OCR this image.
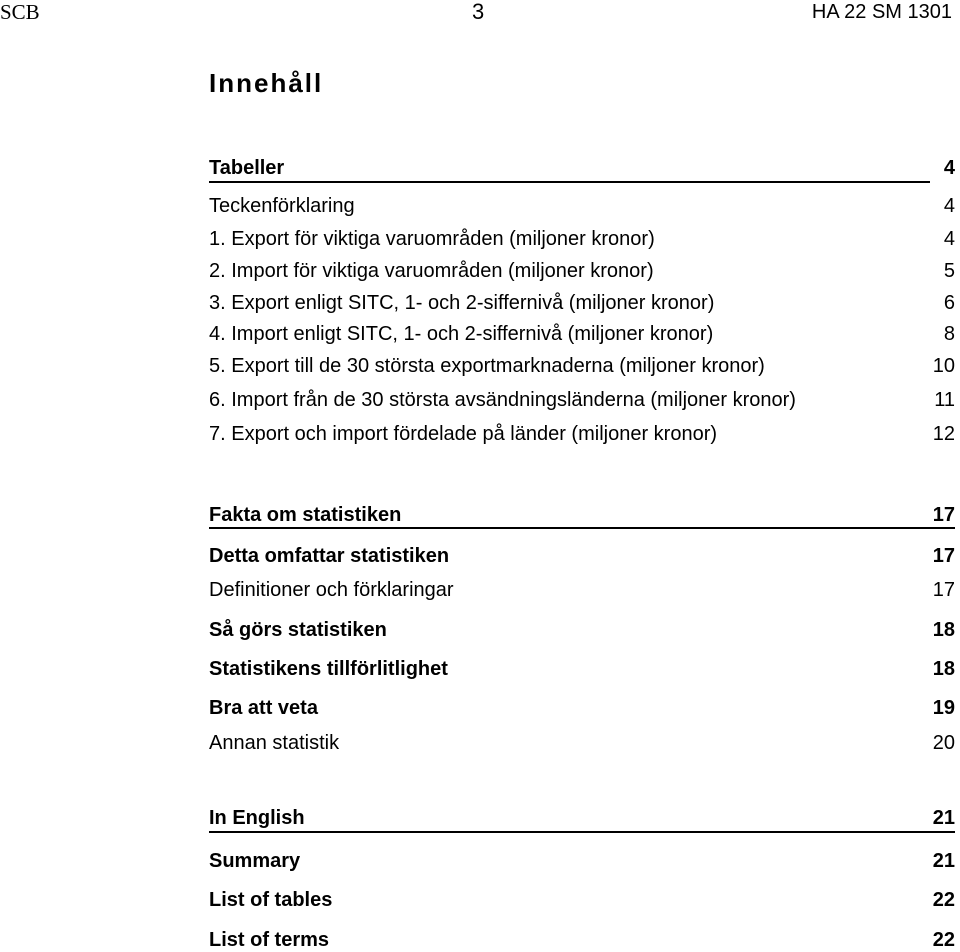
SCB	3	HA 22 SM 1301
Innehåll
Tabeller	4
Teckenförklaring	4
1. Export för viktiga varuområden (miljoner kronor)	4
2. Import för viktiga varuområden (miljoner kronor)	5
3. Export enligt SITC, 1- och 2-siffernivå (miljoner kronor)	6
4. Import enligt SITC, 1- och 2-siffernivå (miljoner kronor)	8
5. Export till de 30 största exportmarknaderna (miljoner kronor)	10
6. Import från de 30 största avsändningsländerna (miljoner kronor)	11
7. Export och import fördelade på länder (miljoner kronor)	12
Fakta om statistiken	17
Detta omfattar statistiken	17
Definitioner och förklaringar	17
Så görs statistiken	18
Statistikens tillförlitlighet	18
Bra att veta	19
Annan statistik	20
In English	21
Summary	21
List of tables	22
List of terms	22
